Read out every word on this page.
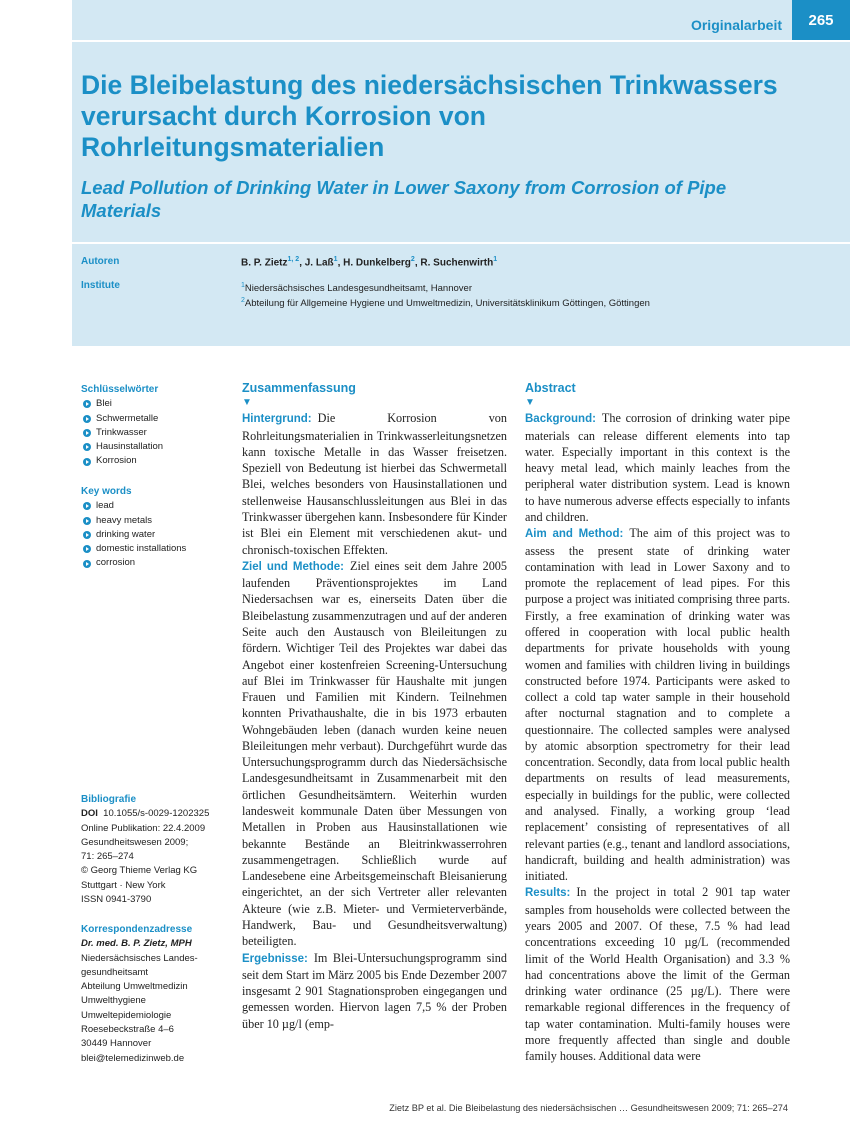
Originalarbeit	265
Die Bleibelastung des niedersächsischen Trinkwassers verursacht durch Korrosion von Rohrleitungsmaterialien
Lead Pollution of Drinking Water in Lower Saxony from Corrosion of Pipe Materials
Autoren	B. P. Zietz$^{1, 2}$, J. Laß$^1$, H. Dunkelberg$^2$, R. Suchenwirth$^1$
Institute	$^1$Niedersächsisches Landesgesundheitsamt, Hannover
$^2$Abteilung für Allgemeine Hygiene und Umweltmedizin, Universitätsklinikum Göttingen, Göttingen
Schlüsselwörter
Blei
Schwermetalle
Trinkwasser
Hausinstallation
Korrosion
Key words
lead
heavy metals
drinking water
domestic installations
corrosion
Bibliografie
DOI 10.1055/s-0029-1202325
Online Publikation: 22.4.2009
Gesundheitswesen 2009;
71: 265–274
© Georg Thieme Verlag KG
Stuttgart · New York
ISSN 0941-3790
Korrespondenzadresse
Dr. med. B. P. Zietz, MPH
Niedersächsisches Landes-
gesundheitsamt
Abteilung Umweltmedizin
Umwelthygiene
Umweltepidemiologie
Roesebeckstraße 4–6
30449 Hannover
blei@telemedizinweb.de
Zusammenfassung
▼

Hintergrund: Die Korrosion von Rohrleitungsmaterialien in Trinkwasserleitungsnetzen kann toxische Metalle in das Wasser freisetzen. Speziell von Bedeutung ist hierbei das Schwermetall Blei, welches besonders von Hausinstallationen und stellenweise Hausanschlussleitungen aus Blei in das Trinkwasser übergehen kann. Insbesondere für Kinder ist Blei ein Element mit verschiedenen akut- und chronisch-toxischen Effekten.

Ziel und Methode: Ziel eines seit dem Jahre 2005 laufenden Präventionsprojektes im Land Niedersachsen war es, einerseits Daten über die Bleibelastung zusammenzutragen und auf der anderen Seite auch den Austausch von Bleileitungen zu fördern. Wichtiger Teil des Projektes war dabei das Angebot einer kostenfreien Screening-Untersuchung auf Blei im Trinkwasser für Haushalte mit jungen Frauen und Familien mit Kindern. Teilnehmen konnten Privathaushalte, die in bis 1973 erbauten Wohngebäuden leben (danach wurden keine neuen Bleileitungen mehr verbaut). Durchgeführt wurde das Untersuchungsprogramm durch das Niedersächsische Landesgesundheitsamt in Zusammenarbeit mit den örtlichen Gesundheitsämtern. Weiterhin wurden landesweit kommunale Daten über Messungen von Metallen in Proben aus Hausinstallationen wie bekannte Bestände an Bleitrinkwasserrohren zusammengetragen. Schließlich wurde auf Landesebene eine Arbeitsgemeinschaft Bleisanierung eingerichtet, an der sich Vertreter aller relevanten Akteure (wie z.B. Mieter- und Vermieterverbände, Handwerk, Bau- und Gesundheitsverwaltung) beteiligten.

Ergebnisse: Im Blei-Untersuchungsprogramm sind seit dem Start im März 2005 bis Ende Dezember 2007 insgesamt 2 901 Stagnationsproben eingegangen und gemessen worden. Hiervon lagen 7,5 % der Proben über 10 µg/l (emp-

Abstract
▼

Background: The corrosion of drinking water pipe materials can release different elements into tap water. Especially important in this context is the heavy metal lead, which mainly leaches from the peripheral water distribution system. Lead is known to have numerous adverse effects especially to infants and children.

Aim and Method: The aim of this project was to assess the present state of drinking water contamination with lead in Lower Saxony and to promote the replacement of lead pipes. For this purpose a project was initiated comprising three parts. Firstly, a free examination of drinking water was offered in cooperation with local public health departments for private households with young women and families with children living in buildings constructed before 1974. Participants were asked to collect a cold tap water sample in their household after nocturnal stagnation and to complete a questionnaire. The collected samples were analysed by atomic absorption spectrometry for their lead concentration. Secondly, data from local public health departments on results of lead measurements, especially in buildings for the public, were collected and analysed. Finally, a working group ‘lead replacement’ consisting of representatives of all relevant parties (e.g., tenant and landlord associations, handicraft, building and health administration) was initiated.

Results: In the project in total 2 901 tap water samples from households were collected between the years 2005 and 2007. Of these, 7.5 % had lead concentrations exceeding 10 µg/L (recommended limit of the World Health Organisation) and 3.3 % had concentrations above the limit of the German drinking water ordinance (25 µg/L). There were remarkable regional differences in the frequency of tap water contamination. Multi-family houses were more frequently affected than single and double family houses. Additional data were

Zietz BP et al. Die Bleibelastung des niedersächsischen … Gesundheitswesen 2009; 71: 265–274
